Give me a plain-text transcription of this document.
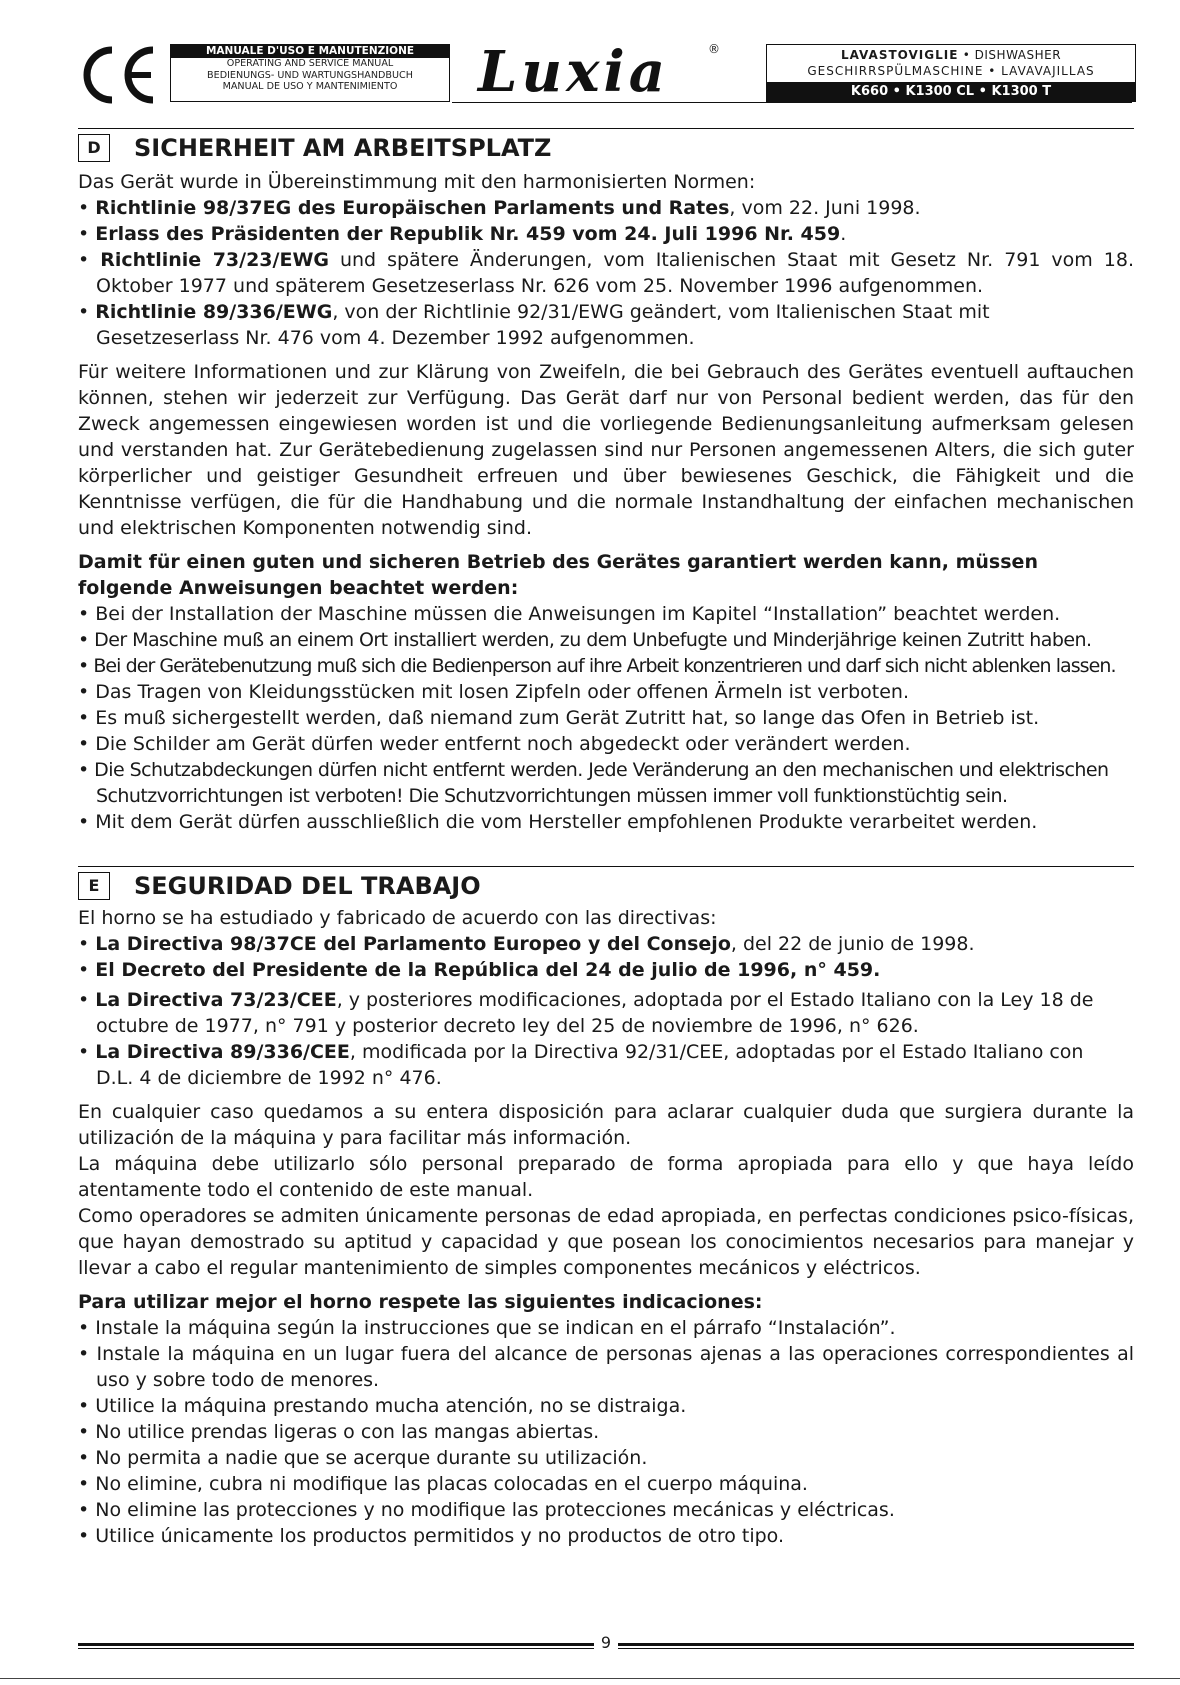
MANUALE D'USO E MANUTENZIONE
OPERATING AND SERVICE MANUAL
BEDIENUNGS- UND WARTUNGSHANDBUCH
MANUAL DE USO Y MANTENIMIENTO	Luxia	®	LAVASTOVIGLIE • DISHWASHER
GESCHIRRSPÜLMASCHINE • LAVAVAJILLAS
K660 • K1300 CL • K1300 T
D	SICHERHEIT AM ARBEITSPLATZ

Das Gerät wurde in Übereinstimmung mit den harmonisierten Normen:

• Richtlinie 98/37EG des Europäischen Parlaments und Rates, vom 22. Juni 1998.
• Erlass des Präsidenten der Republik Nr. 459 vom 24. Juli 1996 Nr. 459.
• Richtlinie 73/23/EWG und spätere Änderungen, vom Italienischen Staat mit Gesetz Nr. 791 vom 18. Oktober 1977 und späterem Gesetzeserlass Nr. 626 vom 25. November 1996 aufgenommen.
• Richtlinie 89/336/EWG, von der Richtlinie 92/31/EWG geändert, vom Italienischen Staat mit Gesetzeserlass Nr. 476 vom 4. Dezember 1992 aufgenommen.

Für weitere Informationen und zur Klärung von Zweifeln, die bei Gebrauch des Gerätes eventuell auftauchen können, stehen wir jederzeit zur Verfügung. Das Gerät darf nur von Personal bedient werden, das für den Zweck angemessen eingewiesen worden ist und die vorliegende Bedienungsanleitung aufmerksam gelesen und verstanden hat. Zur Gerätebedienung zugelassen sind nur Personen angemessenen Alters, die sich guter körperlicher und geistiger Gesundheit erfreuen und über bewiesenes Geschick, die Fähigkeit und die Kenntnisse verfügen, die für die Handhabung und die normale Instandhaltung der einfachen mechanischen und elektrischen Komponenten notwendig sind.

Damit für einen guten und sicheren Betrieb des Gerätes garantiert werden kann, müssen folgende Anweisungen beachtet werden:

• Bei der Installation der Maschine müssen die Anweisungen im Kapitel “Installation” beachtet werden.
• Der Maschine muß an einem Ort installiert werden, zu dem Unbefugte und Minderjährige keinen Zutritt haben.
• Bei der Gerätebenutzung muß sich die Bedienperson auf ihre Arbeit konzentrieren und darf sich nicht ablenken lassen.
• Das Tragen von Kleidungsstücken mit losen Zipfeln oder offenen Ärmeln ist verboten.
• Es muß sichergestellt werden, daß niemand zum Gerät Zutritt hat, so lange das Ofen in Betrieb ist.
• Die Schilder am Gerät dürfen weder entfernt noch abgedeckt oder verändert werden.
• Die Schutzabdeckungen dürfen nicht entfernt werden. Jede Veränderung an den mechanischen und elektrischen Schutzvorrichtungen ist verboten! Die Schutzvorrichtungen müssen immer voll funktionstüchtig sein.
• Mit dem Gerät dürfen ausschließlich die vom Hersteller empfohlenen Produkte verarbeitet werden.
E	SEGURIDAD DEL TRABAJO

El horno se ha estudiado y fabricado de acuerdo con las directivas:

• La Directiva 98/37CE del Parlamento Europeo y del Consejo, del 22 de junio de 1998.
• El Decreto del Presidente de la República del 24 de julio de 1996, n° 459.
• La Directiva 73/23/CEE, y posteriores modificaciones, adoptada por el Estado Italiano con la Ley 18 de octubre de 1977, n° 791 y posterior decreto ley del 25 de noviembre de 1996, n° 626.
• La Directiva 89/336/CEE, modificada por la Directiva 92/31/CEE, adoptadas por el Estado Italiano con D.L. 4 de diciembre de 1992 n° 476.

En cualquier caso quedamos a su entera disposición para aclarar cualquier duda que surgiera durante la utilización de la máquina y para facilitar más información.

La máquina debe utilizarlo sólo personal preparado de forma apropiada para ello y que haya leído atentamente todo el contenido de este manual.

Como operadores se admiten únicamente personas de edad apropiada, en perfectas condiciones psico-físicas, que hayan demostrado su aptitud y capacidad y que posean los conocimientos necesarios para manejar y llevar a cabo el regular mantenimiento de simples componentes mecánicos y eléctricos.

Para utilizar mejor el horno respete las siguientes indicaciones:

• Instale la máquina según la instrucciones que se indican en el párrafo “Instalación”.
• Instale la máquina en un lugar fuera del alcance de personas ajenas a las operaciones correspondientes al uso y sobre todo de menores.
• Utilice la máquina prestando mucha atención, no se distraiga.
• No utilice prendas ligeras o con las mangas abiertas.
• No permita a nadie que se acerque durante su utilización.
• No elimine, cubra ni modifique las placas colocadas en el cuerpo máquina.
• No elimine las protecciones y no modifique las protecciones mecánicas y eléctricas.
• Utilice únicamente los productos permitidos y no productos de otro tipo.
9
